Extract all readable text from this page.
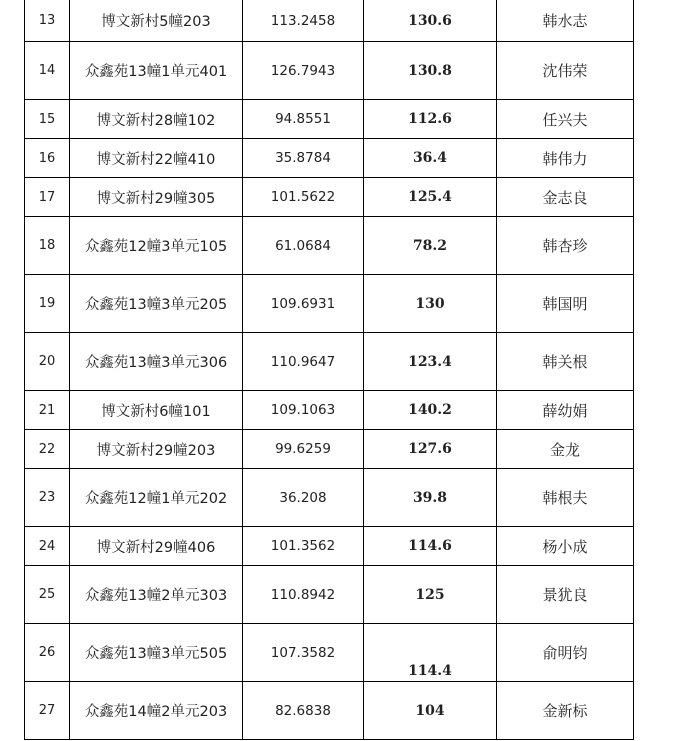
13	博文新村5幢203	113.2458	130.6	韩水志
14	众鑫苑13幢1单元401	126.7943	130.8	沈伟荣
15	博文新村28幢102	94.8551	112.6	任兴夫
16	博文新村22幢410	35.8784	36.4	韩伟力
17	博文新村29幢305	101.5622	125.4	金志良
18	众鑫苑12幢3单元105	61.0684	78.2	韩杏珍
19	众鑫苑13幢3单元205	109.6931	130	韩国明
20	众鑫苑13幢3单元306	110.9647	123.4	韩关根
21	博文新村6幢101	109.1063	140.2	薛幼娟
22	博文新村29幢203	99.6259	127.6	金龙
23	众鑫苑12幢1单元202	36.208	39.8	韩根夫
24	博文新村29幢406	101.3562	114.6	杨小成
25	众鑫苑13幢2单元303	110.8942	125	景犹良
26	众鑫苑13幢3单元505	107.3582	114.4	俞明钧
27	众鑫苑14幢2单元203	82.6838	104	金新标
